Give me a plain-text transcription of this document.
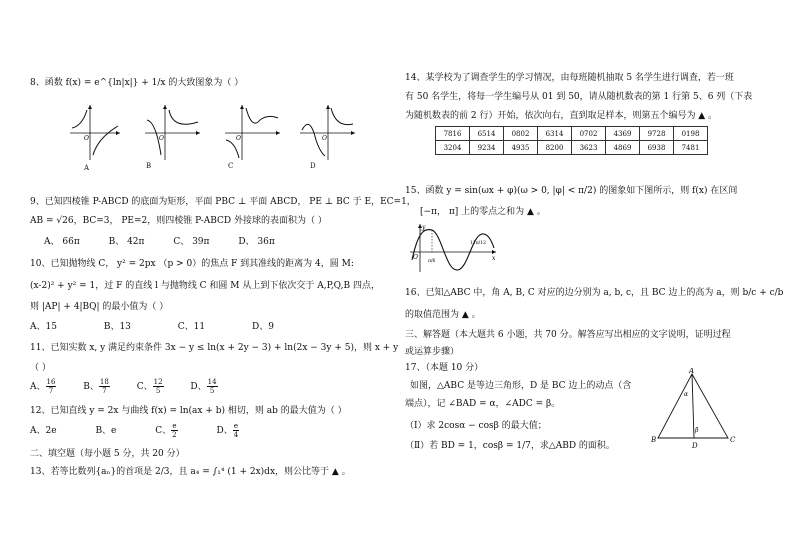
8、函数 f(x) = e^{ln|x|} + 1/x 的大致图象为（ ）
O	O	O	O
A	B	C	D
9、已知四棱锥 P-ABCD 的底面为矩形，平面 PBC ⊥ 平面 ABCD， PE ⊥ BC 于 E，EC=1，
AB = √26，BC=3， PE=2，则四棱锥 P-ABCD 外接球的表面积为（ ）
A、 66π	B、 42π	C、 39π	D、 36π
10、已知抛物线 C， y² = 2px （p > 0）的焦点 F 到其准线的距离为 4，圆 M:
(x-2)² + y² = 1，过 F 的直线 l 与抛物线 C 和圆 M 从上到下依次交于 A,P,Q,B 四点，
则 |AP| + 4|BQ| 的最小值为（ ）
A、15	B、13	C、11	D、9
11、已知实数 x, y 满足约束条件 3x − y ≤ ln(x + 2y − 3) + ln(2x − 3y + 5)，则 x + y
（ ）
A、 $\frac{16}{7}$	B、 $\frac{18}{7}$	C、 $\frac{12}{5}$	D、 $\frac{14}{5}$
12、已知直线 y = 2x 与曲线 f(x) = ln(ax + b) 相切，则 ab 的最大值为（ ）
A、2e	B、e	C、 $\frac{e}{2}$	D、 $\frac{e}{4}$
二、填空题（每小题 5 分，共 20 分）
13、若等比数列{aₙ}的首项是 2/3，且 a₄ = ∫₁⁴ (1 + 2x)dx，则公比等于 ▲ 。
14、某学校为了调查学生的学习情况，由每班随机抽取 5 名学生进行调查，若一班
有 50 名学生，将每一学生编号从 01 到 50，请从随机数表的第 1 行第 5、6 列（下表
为随机数表的前 2 行）开始，依次向右，直到取足样本，则第五个编号为 ▲ 。
7816	6514	0802	6314	0702	4369	9728	0198
3204	9234	4935	8200	3623	4869	6938	7481
15、函数 y = sin(ωx + φ)(ω > 0, |φ| < π/2) 的图象如下图所示，则 f(x) 在区间
[−π， π] 上的零点之和为 ▲ 。
y
x
O
π/6
11π/12
16、已知△ABC 中，角 A, B, C 对应的边分别为 a, b, c，且 BC 边上的高为 a，则 b/c + c/b
的取值范围为 ▲ 。
三、解答题（本大题共 6 小题，共 70 分。解答应写出相应的文字说明，证明过程
或运算步骤）
17、（本题 10 分）
如图，△ABC 是等边三角形，D 是 BC 边上的动点（含
端点），记 ∠BAD = α，∠ADC = β。
（Ⅰ）求 2cosα − cosβ 的最大值；
（Ⅱ）若 BD = 1，cosβ = 1/7，求△ABD 的面积。
A
B	C
D
α
β
